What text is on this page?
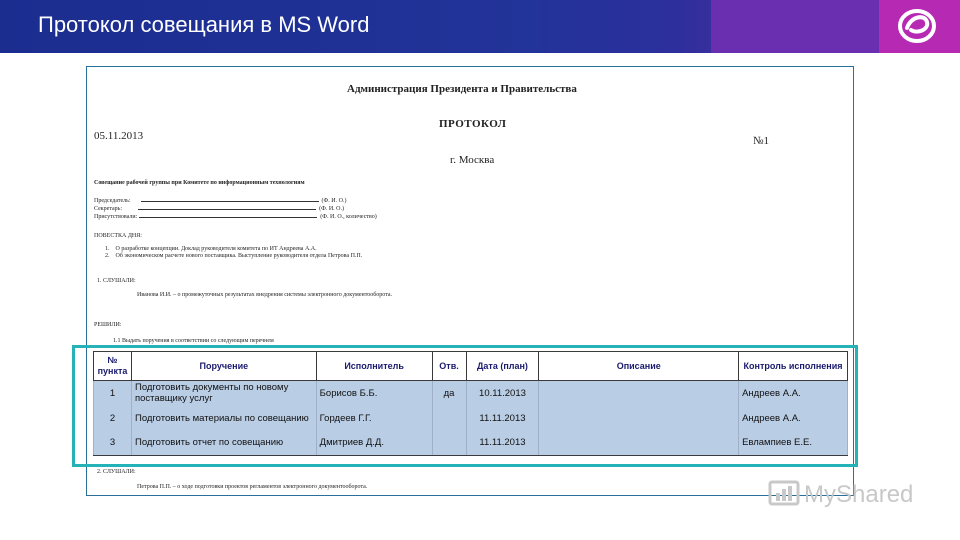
Протокол совещания в MS Word
Администрация Президента и Правительства
ПРОТОКОЛ
05.11.2013	№1
г. Москва
Совещание рабочей группы при Комитете по информационным технологиям
Председатель:	(Ф. И. О.)
Секретарь:	(Ф. И. О.)
Присутствовали:	(Ф. И. О., количество)
ПОВЕСТКА ДНЯ:
1. О разработке концепции. Доклад руководителя комитета по ИТ Андреева А.А.
2. Об экономическом расчете нового поставщика. Выступление руководителя отдела Петрова П.П.
1. СЛУШАЛИ:
Иванова И.И. – о промежуточных результатах внедрения системы электронного документооборота.
РЕШИЛИ:
1.1 Выдать поручения в соответствии со следующим перечнем
2. СЛУШАЛИ:
Петрова П.П. – о ходе подготовки проектов регламентов электронного документооборота.
№ пункта	Поручение	Исполнитель	Отв.	Дата (план)	Описание	Контроль исполнения
1	Подготовить документы по новому поставщику услуг	Борисов Б.Б.	да	10.11.2013		Андреев А.А.
2	Подготовить материалы по совещанию	Гордеев Г.Г.		11.11.2013		Андреев А.А.
3	Подготовить отчет по совещанию	Дмитриев Д.Д.		11.11.2013		Евлампиев Е.Е.
MyShared
